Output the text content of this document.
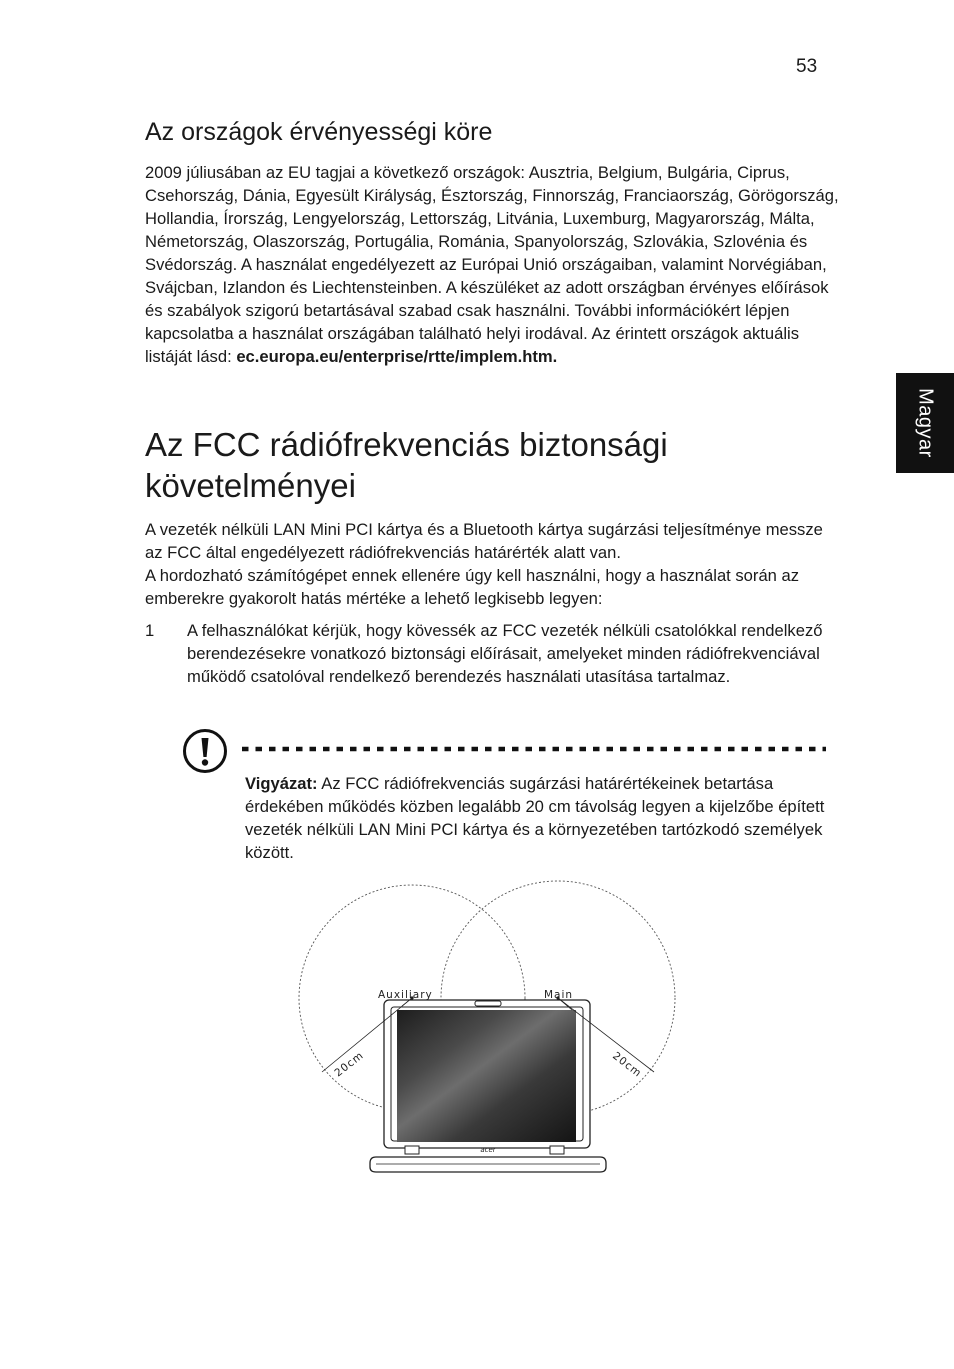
53
Magyar
Az országok érvényességi köre

2009 júliusában az EU tagjai a következő országok: Ausztria, Belgium, Bulgária, Ciprus, Csehország, Dánia, Egyesült Királyság, Észtország, Finnország, Franciaország, Görögország, Hollandia, Írország, Lengyelország, Lettország, Litvánia, Luxemburg, Magyarország, Málta, Németország, Olaszország, Portugália, Románia, Spanyolország, Szlovákia, Szlovénia és Svédország. A használat engedélyezett az Európai Unió országaiban, valamint Norvégiában, Svájcban, Izlandon és Liechtensteinben. A készüléket az adott országban érvényes előírások és szabályok szigorú betartásával szabad csak használni. További információkért lépjen kapcsolatba a használat országában található helyi irodával. Az érintett országok aktuális listáját lásd: ec.europa.eu/enterprise/rtte/implem.htm.

Az FCC rádiófrekvenciás biztonsági követelményei

A vezeték nélküli LAN Mini PCI kártya és a Bluetooth kártya sugárzási teljesítménye messze az FCC által engedélyezett rádiófrekvenciás határérték alatt van.
A hordozható számítógépet ennek ellenére úgy kell használni, hogy a használat során az emberekre gyakorolt hatás mértéke a lehető legkisebb legyen:

1 A felhasználókat kérjük, hogy kövessék az FCC vezeték nélküli csatolókkal rendelkező berendezésekre vonatkozó biztonsági előírásait, amelyeket minden rádiófrekvenciával működő csatolóval rendelkező berendezés használati utasítása tartalmaz.
Vigyázat: Az FCC rádiófrekvenciás sugárzási határértékeinek betartása érdekében működés közben legalább 20 cm távolság legyen a kijelzőbe épített vezeték nélküli LAN Mini PCI kártya és a környezetében tartózkodó személyek között.
acer
Auxiliary	Main
20cm	20cm
